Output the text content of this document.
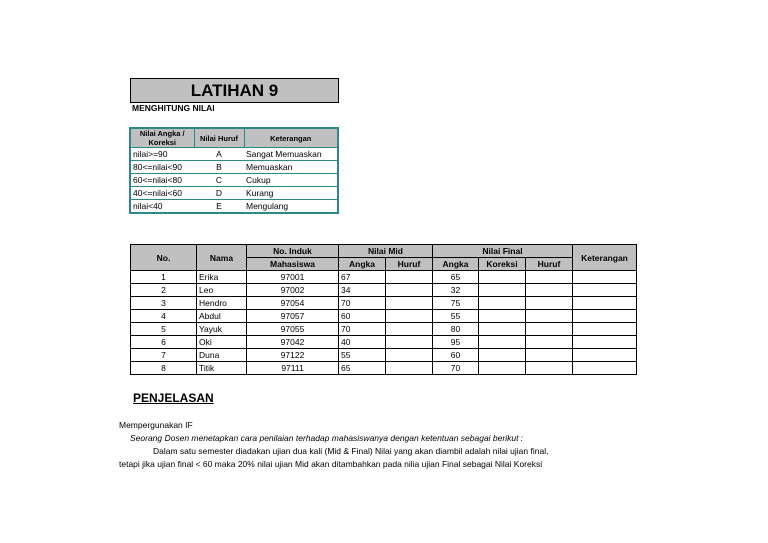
LATIHAN 9
MENGHITUNG NILAI
Nilai Angka / Koreksi	Nilai Huruf	Keterangan
nilai>=90	A	Sangat Memuaskan
80<=nilai<90	B	Memuaskan
60<=nilai<80	C	Cukup
40<=nilai<60	D	Kurang
nilai<40	E	Mengulang
No.	Nama	No. Induk	Nilai Mid		Nilai Final			Keterangan
		Mahasiswa	Angka	Huruf	Angka	Koreksi	Huruf	
1	Erika	97001	67		65			
2	Leo	97002	34		32			
3	Hendro	97054	70		75			
4	Abdul	97057	60		55			
5	Yayuk	97055	70		80			
6	Oki	97042	40		95			
7	Duna	97122	55		60			
8	Titik	97111	65		70			
PENJELASAN
Mempergunakan IF
Seorang Dosen menetapkan cara penilaian terhadap mahasiswanya dengan ketentuan sebagai berikut :
Dalam satu semester diadakan ujian dua kali (Mid & Final) Nilai yang akan diambil adalah nilai ujian final,
tetapi jika ujian final < 60 maka 20% nilai ujian Mid akan ditambahkan pada nilia ujian Final sebagai Nilai Koreksi
